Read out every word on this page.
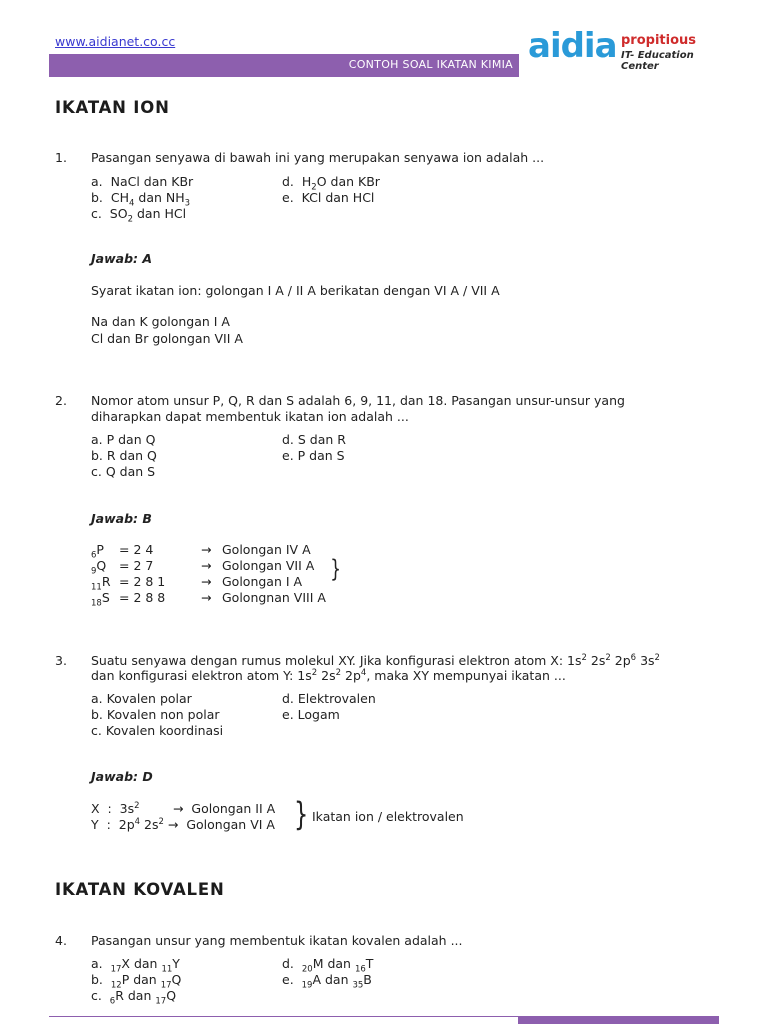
www.aidianet.co.cc
CONTOH SOAL IKATAN KIMIA aidia propitious
IT- Education Center
IKATAN ION
1. Pasangan senyawa di bawah ini yang merupakan senyawa ion adalah ...
a. NaCl dan KBr
b.  $CH_4$ dan $NH_3$
c.  $SO_2$ dan HCl
d.  $H_2O$ dan KBr
e. KCl dan HCl
Jawab: A
Syarat ikatan ion: golongan I A / II A berikatan dengan VI A / VII A
Na dan K golongan I A
Cl dan Br golongan VII A
2. Nomor atom unsur P, Q, R dan S adalah 6, 9, 11, dan 18. Pasangan unsur-unsur yang
diharapkan dapat membentuk ikatan ion adalah ...
a. P dan Q
b. R dan Q
c. Q dan S
d. S dan R
e. P dan S
Jawab: B
$_6$P = 2 4	→ Golongan IV A
$_9$Q = 2 7	→ Golongan VII A
$_{11}$R = 2 8 1	→ Golongan I A
$_{18}$S = 2 8 8	→ Golongnan VIII A
}
3. Suatu senyawa dengan rumus molekul XY. Jika konfigurasi elektron atom X: $1s^2$ $2s^2$ $2p^6$ $3s^2$
dan konfigurasi elektron atom Y: $1s^2$ $2s^2$ $2p^4$, maka XY mempunyai ikatan ...
a. Kovalen polar
b. Kovalen non polar
c. Kovalen koordinasi
d. Elektrovalen
e. Logam
Jawab: D
X  :  $3s^2$	→  Golongan II A
Y  :  $2p^4$ $2s^2$ →  Golongan VI A } Ikatan ion / elektrovalen
IKATAN KOVALEN
4. Pasangan unsur yang membentuk ikatan kovalen adalah ...
a.  $_{17}$X dan $_{11}$Y
b.  $_{12}$P dan $_{17}$Q
c.  $_6$R dan $_{17}$Q
d.  $_{20}$M dan $_{16}$T
e.  $_{19}$A dan $_{35}$B
